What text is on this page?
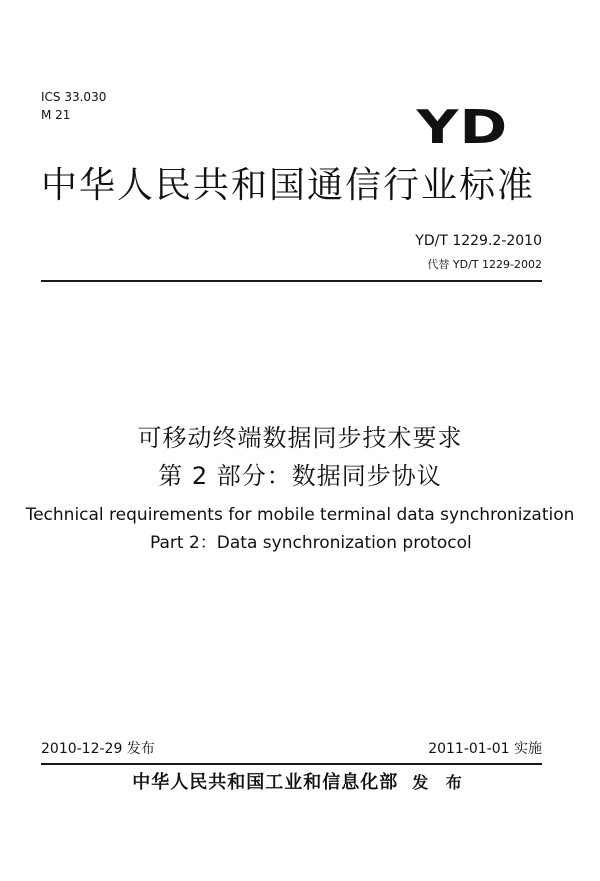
ICS 33.030
M 21	YD
中华人民共和国通信行业标准
YD/T 1229.2-2010
代替 YD/T 1229-2002
可移动终端数据同步技术要求
第 2 部分：数据同步协议
Technical requirements for mobile terminal data synchronization
Part 2：Data synchronization protocol
2010-12-29 发布	2011-01-01 实施
中华人民共和国工业和信息化部 发 布
